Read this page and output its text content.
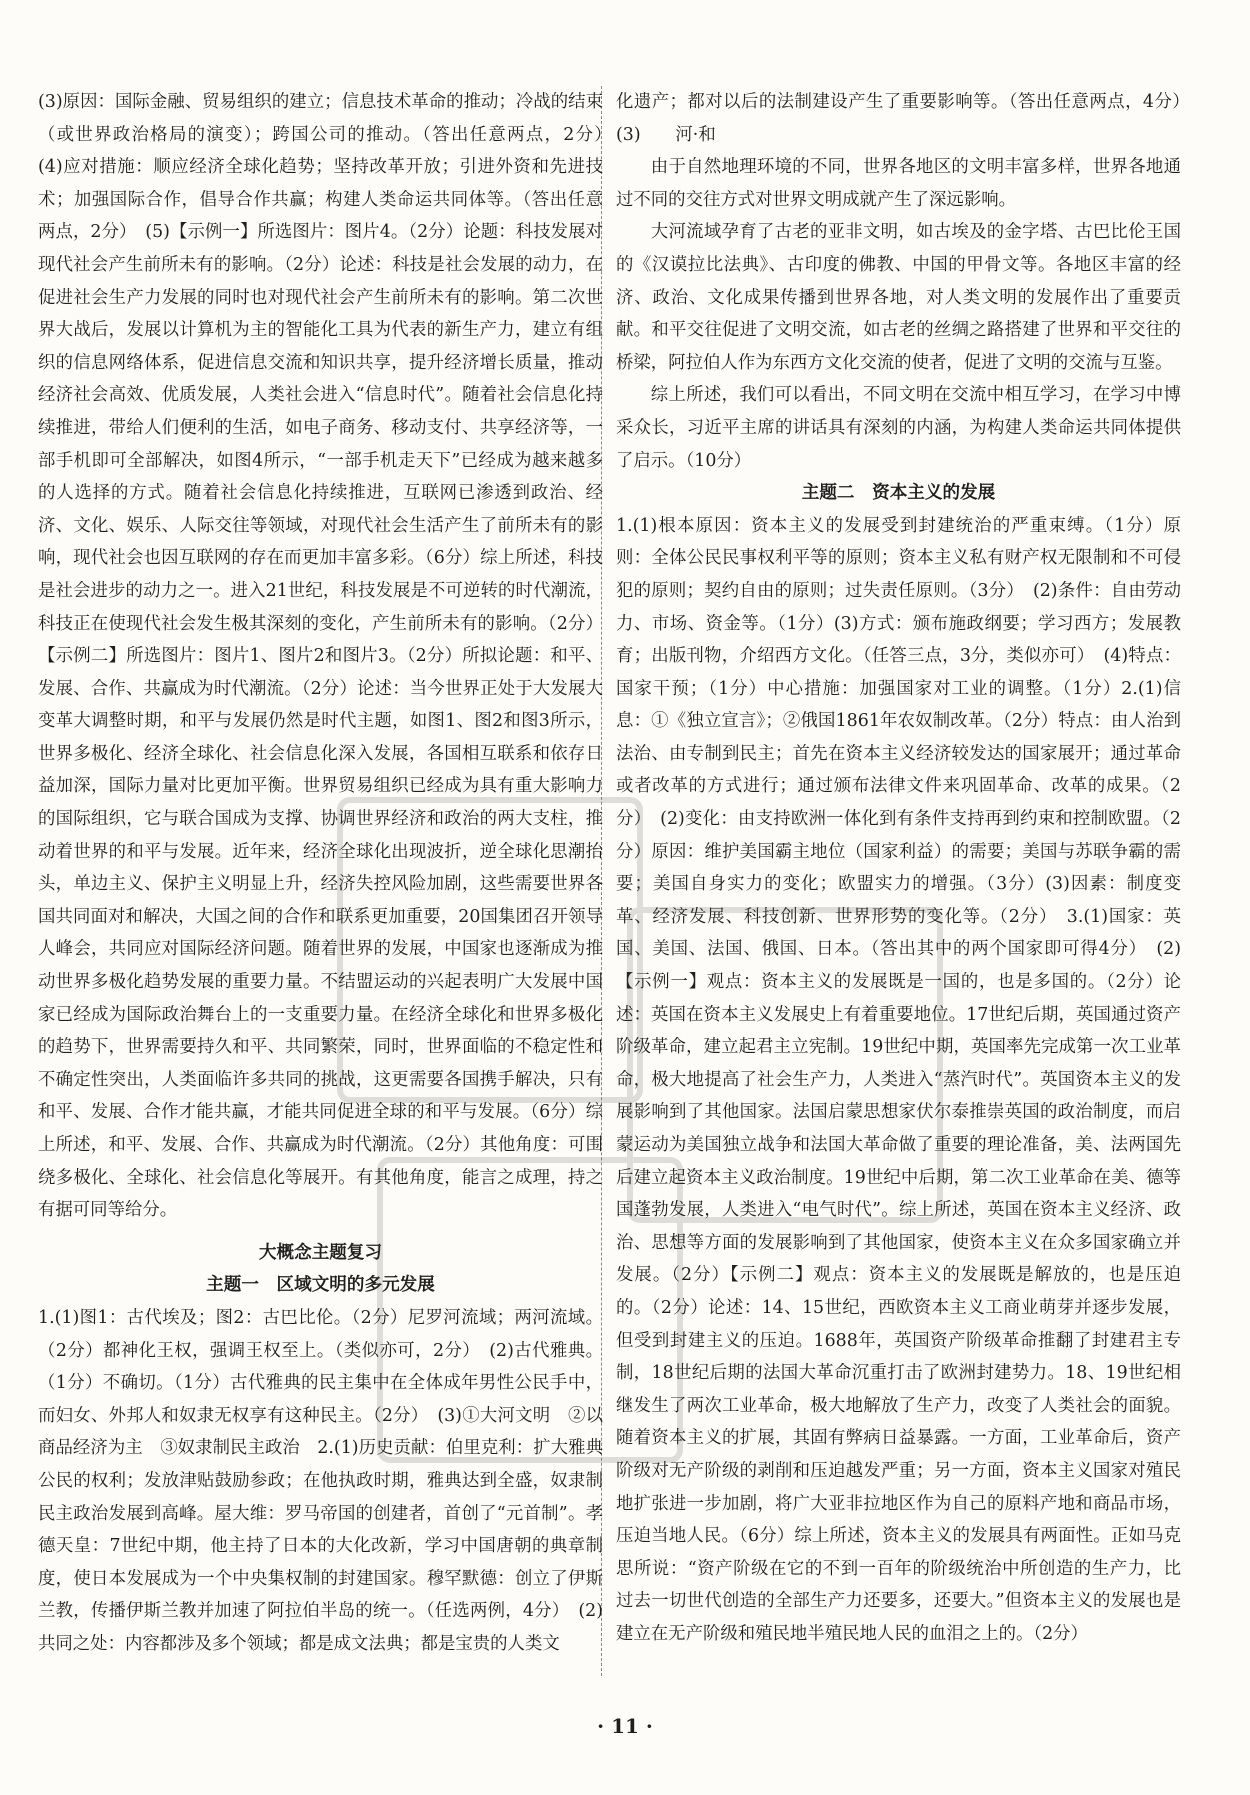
(3)原因：国际金融、贸易组织的建立；信息技术革命的推动；冷战的结束（或世界政治格局的演变）；跨国公司的推动。（答出任意两点，2分）　(4)应对措施：顺应经济全球化趋势；坚持改革开放；引进外资和先进技术；加强国际合作，倡导合作共赢；构建人类命运共同体等。（答出任意两点，2分）　(5)【示例一】所选图片：图片4。（2分）论题：科技发展对现代社会产生前所未有的影响。（2分）论述：科技是社会发展的动力，在促进社会生产力发展的同时也对现代社会产生前所未有的影响。第二次世界大战后，发展以计算机为主的智能化工具为代表的新生产力，建立有组织的信息网络体系，促进信息交流和知识共享，提升经济增长质量，推动经济社会高效、优质发展，人类社会进入“信息时代”。随着社会信息化持续推进，带给人们便利的生活，如电子商务、移动支付、共享经济等，一部手机即可全部解决，如图4所示，“一部手机走天下”已经成为越来越多的人选择的方式。随着社会信息化持续推进，互联网已渗透到政治、经济、文化、娱乐、人际交往等领域，对现代社会生活产生了前所未有的影响，现代社会也因互联网的存在而更加丰富多彩。（6分）综上所述，科技是社会进步的动力之一。进入21世纪，科技发展是不可逆转的时代潮流，科技正在使现代社会发生极其深刻的变化，产生前所未有的影响。（2分）【示例二】所选图片：图片1、图片2和图片3。（2分）所拟论题：和平、发展、合作、共赢成为时代潮流。（2分）论述：当今世界正处于大发展大变革大调整时期，和平与发展仍然是时代主题，如图1、图2和图3所示，世界多极化、经济全球化、社会信息化深入发展，各国相互联系和依存日益加深，国际力量对比更加平衡。世界贸易组织已经成为具有重大影响力的国际组织，它与联合国成为支撑、协调世界经济和政治的两大支柱，推动着世界的和平与发展。近年来，经济全球化出现波折，逆全球化思潮抬头，单边主义、保护主义明显上升，经济失控风险加剧，这些需要世界各国共同面对和解决，大国之间的合作和联系更加重要，20国集团召开领导人峰会，共同应对国际经济问题。随着世界的发展，中国家也逐渐成为推动世界多极化趋势发展的重要力量。不结盟运动的兴起表明广大发展中国家已经成为国际政治舞台上的一支重要力量。在经济全球化和世界多极化的趋势下，世界需要持久和平、共同繁荣，同时，世界面临的不稳定性和不确定性突出，人类面临许多共同的挑战，这更需要各国携手解决，只有和平、发展、合作才能共赢，才能共同促进全球的和平与发展。（6分）综上所述，和平、发展、合作、共赢成为时代潮流。（2分）其他角度：可围绕多极化、全球化、社会信息化等展开。有其他角度，能言之成理，持之有据可同等给分。

大概念主题复习

主题一　区域文明的多元发展

1.(1)图1：古代埃及；图2：古巴比伦。（2分）尼罗河流域；两河流域。（2分）都神化王权，强调王权至上。（类似亦可，2分）　(2)古代雅典。（1分）不确切。（1分）古代雅典的民主集中在全体成年男性公民手中，而妇女、外邦人和奴隶无权享有这种民主。（2分）　(3)①大河文明　②以商品经济为主　③奴隶制民主政治　2.(1)历史贡献：伯里克利：扩大雅典公民的权利；发放津贴鼓励参政；在他执政时期，雅典达到全盛，奴隶制民主政治发展到高峰。屋大维：罗马帝国的创建者，首创了“元首制”。孝德天皇：7世纪中期，他主持了日本的大化改新，学习中国唐朝的典章制度，使日本发展成为一个中央集权制的封建国家。穆罕默德：创立了伊斯兰教，传播伊斯兰教并加速了阿拉伯半岛的统一。（任选两例，4分）　(2)共同之处：内容都涉及多个领域；都是成文法典；都是宝贵的人类文

化遗产；都对以后的法制建设产生了重要影响等。（答出任意两点，4分）　(3)　　河·和

由于自然地理环境的不同，世界各地区的文明丰富多样，世界各地通过不同的交往方式对世界文明成就产生了深远影响。

大河流域孕育了古老的亚非文明，如古埃及的金字塔、古巴比伦王国的《汉谟拉比法典》、古印度的佛教、中国的甲骨文等。各地区丰富的经济、政治、文化成果传播到世界各地，对人类文明的发展作出了重要贡献。和平交往促进了文明交流，如古老的丝绸之路搭建了世界和平交往的桥梁，阿拉伯人作为东西方文化交流的使者，促进了文明的交流与互鉴。

综上所述，我们可以看出，不同文明在交流中相互学习，在学习中博采众长，习近平主席的讲话具有深刻的内涵，为构建人类命运共同体提供了启示。（10分）

主题二　资本主义的发展

1.(1)根本原因：资本主义的发展受到封建统治的严重束缚。（1分）原则：全体公民民事权利平等的原则；资本主义私有财产权无限制和不可侵犯的原则；契约自由的原则；过失责任原则。（3分）　(2)条件：自由劳动力、市场、资金等。（1分）(3)方式：颁布施政纲要；学习西方；发展教育；出版刊物，介绍西方文化。（任答三点，3分，类似亦可）　(4)特点：国家干预；（1分）中心措施：加强国家对工业的调整。（1分）2.(1)信息：①《独立宣言》；②俄国1861年农奴制改革。（2分）特点：由人治到法治、由专制到民主；首先在资本主义经济较发达的国家展开；通过革命或者改革的方式进行；通过颁布法律文件来巩固革命、改革的成果。（2分）　(2)变化：由支持欧洲一体化到有条件支持再到约束和控制欧盟。（2分）原因：维护美国霸主地位（国家利益）的需要；美国与苏联争霸的需要；美国自身实力的变化；欧盟实力的增强。（3分）(3)因素：制度变革、经济发展、科技创新、世界形势的变化等。（2分）　3.(1)国家：英国、美国、法国、俄国、日本。（答出其中的两个国家即可得4分）　(2)【示例一】观点：资本主义的发展既是一国的，也是多国的。（2分）论述：英国在资本主义发展史上有着重要地位。17世纪后期，英国通过资产阶级革命，建立起君主立宪制。19世纪中期，英国率先完成第一次工业革命，极大地提高了社会生产力，人类进入“蒸汽时代”。英国资本主义的发展影响到了其他国家。法国启蒙思想家伏尔泰推崇英国的政治制度，而启蒙运动为美国独立战争和法国大革命做了重要的理论准备，美、法两国先后建立起资本主义政治制度。19世纪中后期，第二次工业革命在美、德等国蓬勃发展，人类进入“电气时代”。综上所述，英国在资本主义经济、政治、思想等方面的发展影响到了其他国家，使资本主义在众多国家确立并发展。（2分）【示例二】观点：资本主义的发展既是解放的，也是压迫的。（2分）论述：14、15世纪，西欧资本主义工商业萌芽并逐步发展，但受到封建主义的压迫。1688年，英国资产阶级革命推翻了封建君主专制，18世纪后期的法国大革命沉重打击了欧洲封建势力。18、19世纪相继发生了两次工业革命，极大地解放了生产力，改变了人类社会的面貌。随着资本主义的扩展，其固有弊病日益暴露。一方面，工业革命后，资产阶级对无产阶级的剥削和压迫越发严重；另一方面，资本主义国家对殖民地扩张进一步加剧，将广大亚非拉地区作为自己的原料产地和商品市场，压迫当地人民。（6分）综上所述，资本主义的发展具有两面性。正如马克思所说：“资产阶级在它的不到一百年的阶级统治中所创造的生产力，比过去一切世代创造的全部生产力还要多，还要大。”但资本主义的发展也是建立在无产阶级和殖民地半殖民地人民的血泪之上的。（2分）

· 11 ·
